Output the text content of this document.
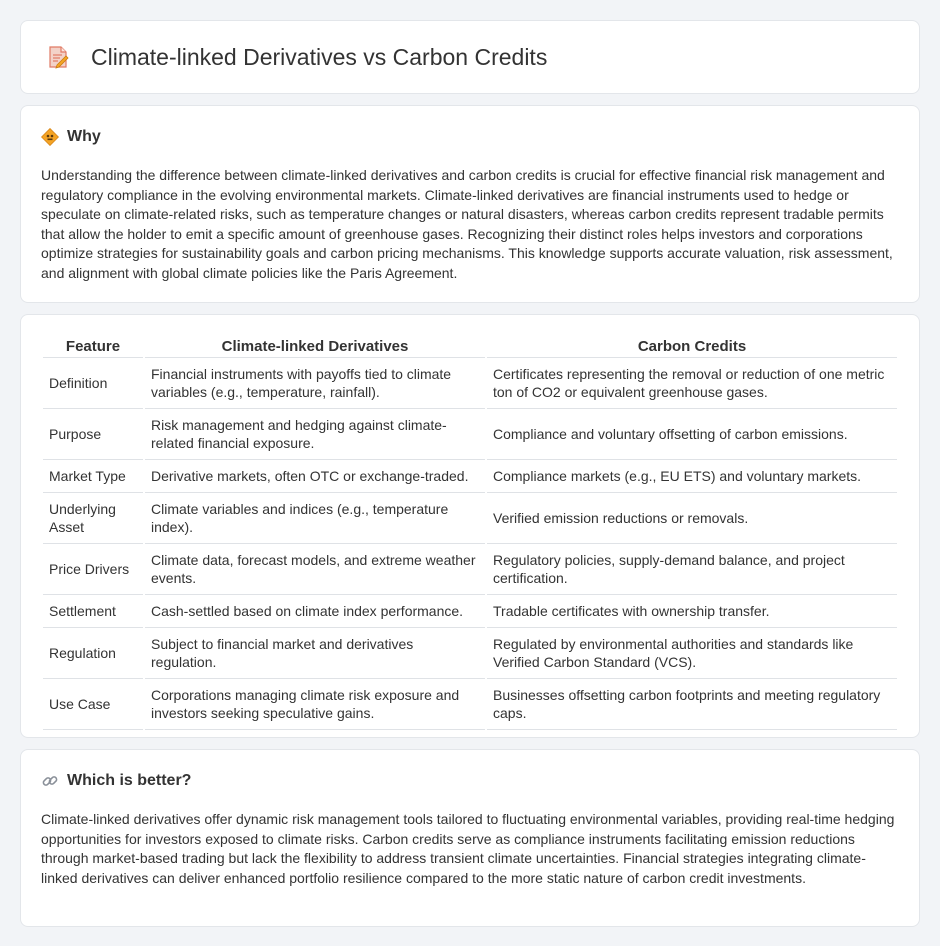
Climate-linked Derivatives vs Carbon Credits
Why

Understanding the difference between climate-linked derivatives and carbon credits is crucial for effective financial risk management and regulatory compliance in the evolving environmental markets. Climate-linked derivatives are financial instruments used to hedge or speculate on climate-related risks, such as temperature changes or natural disasters, whereas carbon credits represent tradable permits that allow the holder to emit a specific amount of greenhouse gases. Recognizing their distinct roles helps investors and corporations optimize strategies for sustainability goals and carbon pricing mechanisms. This knowledge supports accurate valuation, risk assessment, and alignment with global climate policies like the Paris Agreement.

Feature	Climate-linked Derivatives	Carbon Credits
Definition	Financial instruments with payoffs tied to climate variables (e.g., temperature, rainfall).	Certificates representing the removal or reduction of one metric ton of CO2 or equivalent greenhouse gases.
Purpose	Risk management and hedging against climate-related financial exposure.	Compliance and voluntary offsetting of carbon emissions.
Market Type	Derivative markets, often OTC or exchange-traded.	Compliance markets (e.g., EU ETS) and voluntary markets.
Underlying Asset	Climate variables and indices (e.g., temperature index).	Verified emission reductions or removals.
Price Drivers	Climate data, forecast models, and extreme weather events.	Regulatory policies, supply-demand balance, and project certification.
Settlement	Cash-settled based on climate index performance.	Tradable certificates with ownership transfer.
Regulation	Subject to financial market and derivatives regulation.	Regulated by environmental authorities and standards like Verified Carbon Standard (VCS).
Use Case	Corporations managing climate risk exposure and investors seeking speculative gains.	Businesses offsetting carbon footprints and meeting regulatory caps.
Which is better?

Climate-linked derivatives offer dynamic risk management tools tailored to fluctuating environmental variables, providing real-time hedging opportunities for investors exposed to climate risks. Carbon credits serve as compliance instruments facilitating emission reductions through market-based trading but lack the flexibility to address transient climate uncertainties. Financial strategies integrating climate-linked derivatives can deliver enhanced portfolio resilience compared to the more static nature of carbon credit investments.
